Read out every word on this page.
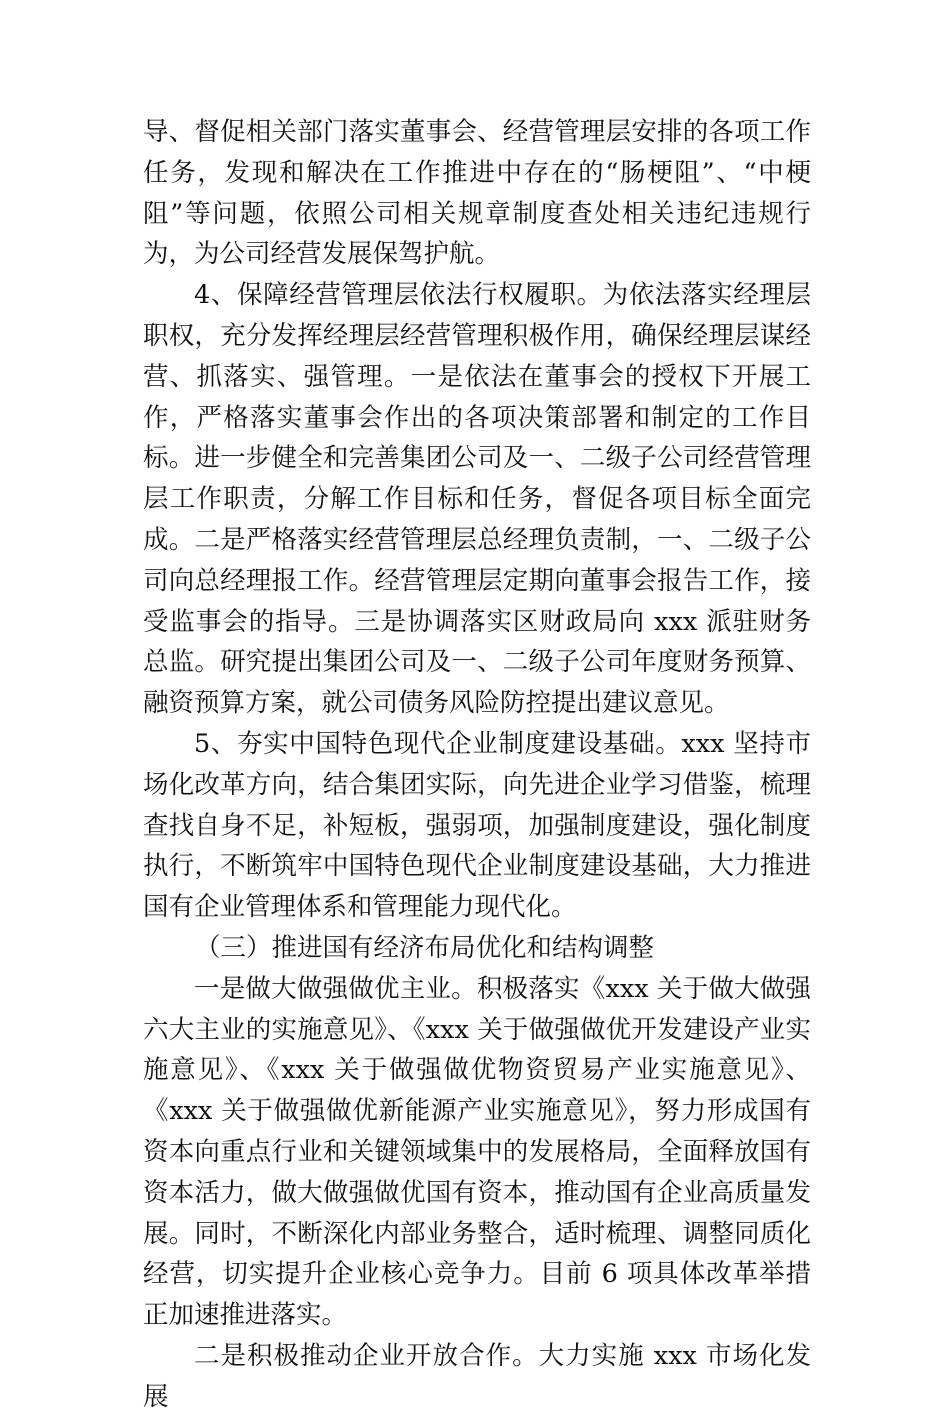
导、督促相关部门落实董事会、经营管理层安排的各项工作任务，发现和解决在工作推进中存在的“肠梗阻”、“中梗阻”等问题，依照公司相关规章制度查处相关违纪违规行为，为公司经营发展保驾护航。

4、保障经营管理层依法行权履职。为依法落实经理层职权，充分发挥经理层经营管理积极作用，确保经理层谋经营、抓落实、强管理。一是依法在董事会的授权下开展工作，严格落实董事会作出的各项决策部署和制定的工作目标。进一步健全和完善集团公司及一、二级子公司经营管理层工作职责，分解工作目标和任务，督促各项目标全面完成。二是严格落实经营管理层总经理负责制，一、二级子公司向总经理报工作。经营管理层定期向董事会报告工作，接受监事会的指导。三是协调落实区财政局向 xxx 派驻财务总监。研究提出集团公司及一、二级子公司年度财务预算、融资预算方案，就公司债务风险防控提出建议意见。

5、夯实中国特色现代企业制度建设基础。xxx 坚持市场化改革方向，结合集团实际，向先进企业学习借鉴，梳理查找自身不足，补短板，强弱项，加强制度建设，强化制度执行，不断筑牢中国特色现代企业制度建设基础，大力推进国有企业管理体系和管理能力现代化。

（三）推进国有经济布局优化和结构调整

一是做大做强做优主业。积极落实《xxx 关于做大做强六大主业的实施意见》、《xxx 关于做强做优开发建设产业实施意见》、《xxx 关于做强做优物资贸易产业实施意见》、《xxx 关于做强做优新能源产业实施意见》，努力形成国有资本向重点行业和关键领域集中的发展格局，全面释放国有资本活力，做大做强做优国有资本，推动国有企业高质量发展。同时，不断深化内部业务整合，适时梳理、调整同质化经营，切实提升企业核心竞争力。目前 6 项具体改革举措正加速推进落实。

二是积极推动企业开放合作。大力实施 xxx 市场化发展
